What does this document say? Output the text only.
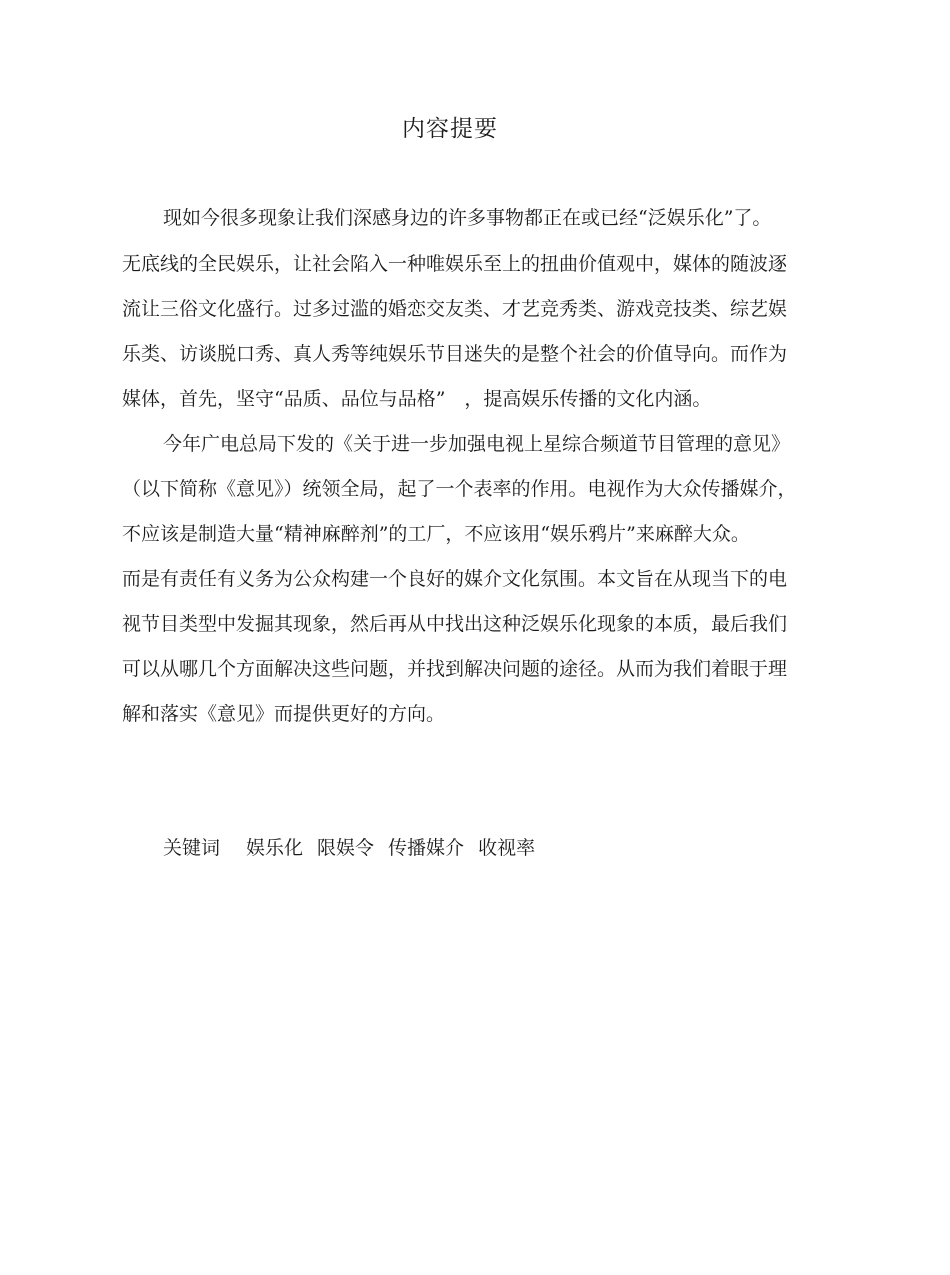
内容提要
现如今很多现象让我们深感身边的许多事物都正在或已经“泛娱乐化”了。
无底线的全民娱乐，让社会陷入一种唯娱乐至上的扭曲价值观中，媒体的随波逐
流让三俗文化盛行。过多过滥的婚恋交友类、才艺竞秀类、游戏竞技类、综艺娱
乐类、访谈脱口秀、真人秀等纯娱乐节目迷失的是整个社会的价值导向。而作为
媒体，首先，坚守“品质、品位与品格”　，提高娱乐传播的文化内涵。
今年广电总局下发的《关于进一步加强电视上星综合频道节目管理的意见》
（以下简称《意见》）统领全局，起了一个表率的作用。电视作为大众传播媒介，
不应该是制造大量“精神麻醉剂”的工厂，不应该用“娱乐鸦片”来麻醉大众。
而是有责任有义务为公众构建一个良好的媒介文化氛围。本文旨在从现当下的电
视节目类型中发掘其现象，然后再从中找出这种泛娱乐化现象的本质，最后我们
可以从哪几个方面解决这些问题，并找到解决问题的途径。从而为我们着眼于理
解和落实《意见》而提供更好的方向。
关键词 娱乐化 限娱令 传播媒介 收视率
